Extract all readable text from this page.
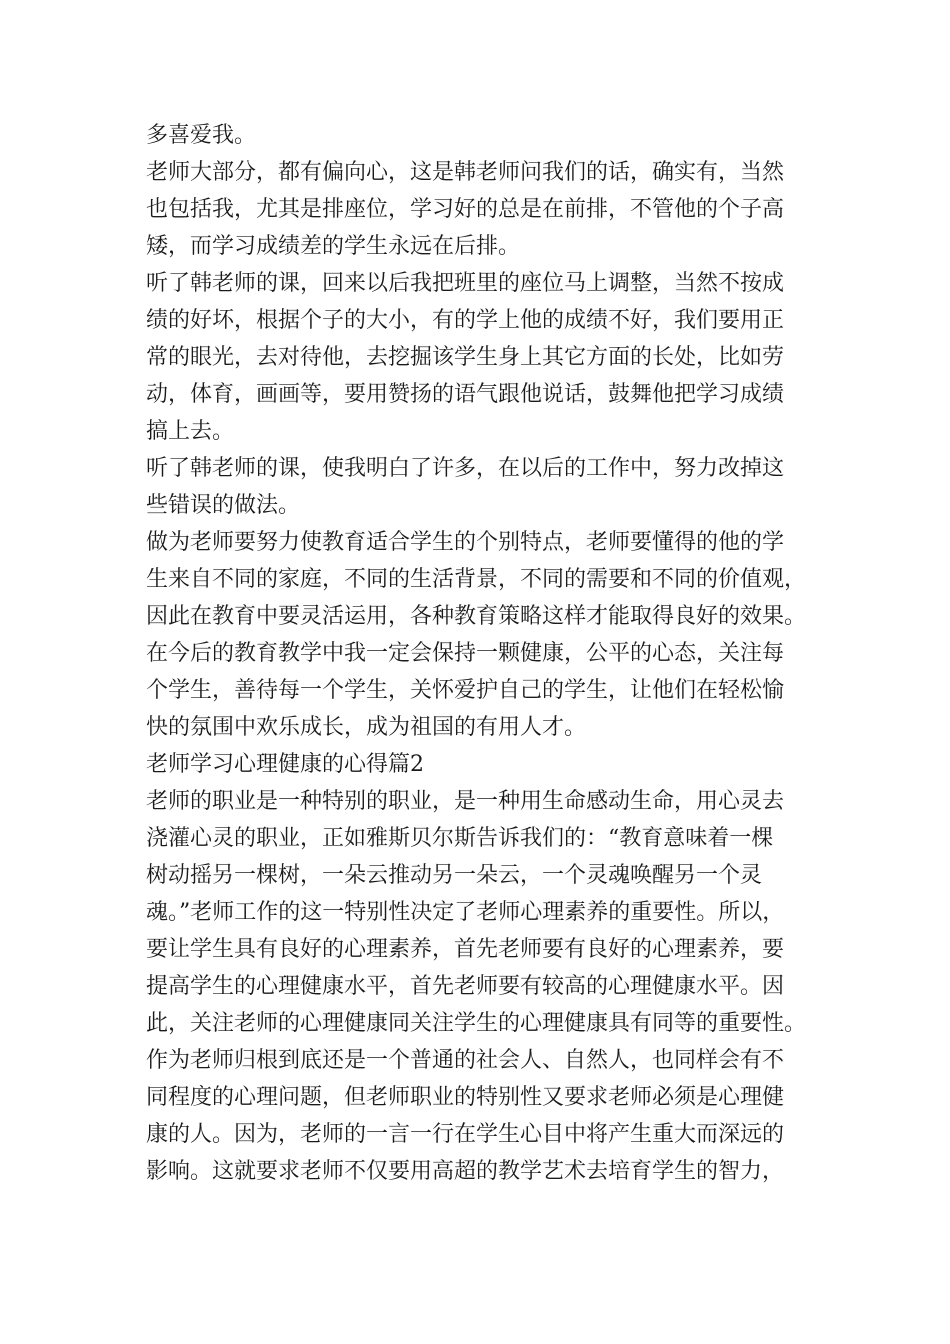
多喜爱我。
老师大部分，都有偏向心，这是韩老师问我们的话，确实有，当然
也包括我，尤其是排座位，学习好的总是在前排，不管他的个子高
矮，而学习成绩差的学生永远在后排。
听了韩老师的课，回来以后我把班里的座位马上调整，当然不按成
绩的好坏，根据个子的大小，有的学上他的成绩不好，我们要用正
常的眼光，去对待他，去挖掘该学生身上其它方面的长处，比如劳
动，体育，画画等，要用赞扬的语气跟他说话，鼓舞他把学习成绩
搞上去。
听了韩老师的课，使我明白了许多，在以后的工作中，努力改掉这
些错误的做法。
做为老师要努力使教育适合学生的个别特点，老师要懂得的他的学
生来自不同的家庭，不同的生活背景，不同的需要和不同的价值观，
因此在教育中要灵活运用，各种教育策略这样才能取得良好的效果。
在今后的教育教学中我一定会保持一颗健康，公平的心态，关注每
个学生，善待每一个学生，关怀爱护自己的学生，让他们在轻松愉
快的氛围中欢乐成长，成为祖国的有用人才。
老师学习心理健康的心得篇2
老师的职业是一种特别的职业，是一种用生命感动生命，用心灵去
浇灌心灵的职业，正如雅斯贝尔斯告诉我们的：“教育意味着一棵
树动摇另一棵树，一朵云推动另一朵云，一个灵魂唤醒另一个灵
魂。”老师工作的这一特别性决定了老师心理素养的重要性。所以，
要让学生具有良好的心理素养，首先老师要有良好的心理素养，要
提高学生的心理健康水平，首先老师要有较高的心理健康水平。因
此，关注老师的心理健康同关注学生的心理健康具有同等的重要性。
作为老师归根到底还是一个普通的社会人、自然人，也同样会有不
同程度的心理问题，但老师职业的特别性又要求老师必须是心理健
康的人。因为，老师的一言一行在学生心目中将产生重大而深远的
影响。这就要求老师不仅要用高超的教学艺术去培育学生的智力，
